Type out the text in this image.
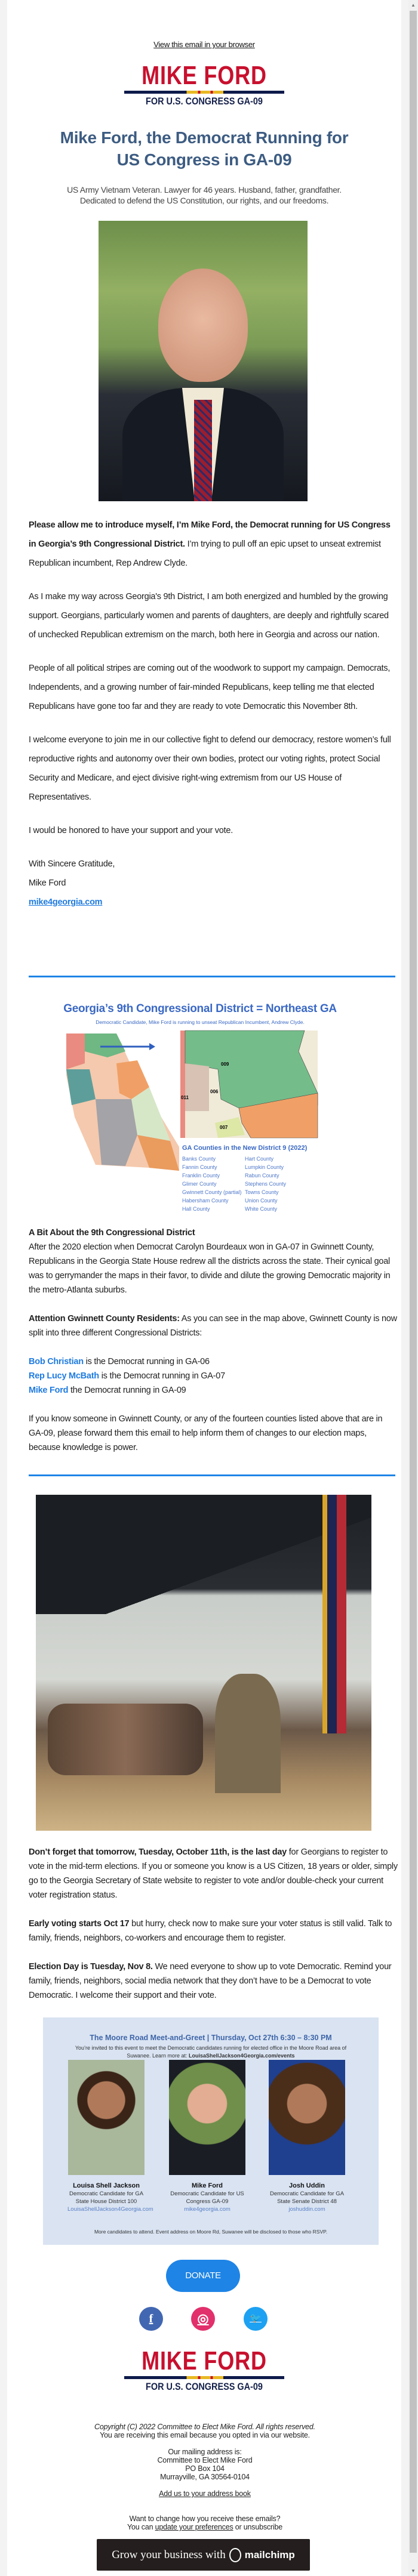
View this email in your browser
MIKE FORD
FOR U.S. CONGRESS GA-09
Mike Ford, the Democrat Running for
US Congress in GA-09
US Army Vietnam Veteran. Lawyer for 46 years. Husband, father, grandfather.
Dedicated to defend the US Constitution, our rights, and our freedoms.

Please allow me to introduce myself, I’m Mike Ford, the Democrat running for US Congress in Georgia’s 9th Congressional District. I’m trying to pull off an epic upset to unseat extremist Republican incumbent, Rep Andrew Clyde.

As I make my way across Georgia's 9th District, I am both energized and humbled by the growing support. Georgians, particularly women and parents of daughters, are deeply and rightfully scared of unchecked Republican extremism on the march, both here in Georgia and across our nation.

People of all political stripes are coming out of the woodwork to support my campaign. Democrats, Independents, and a growing number of fair-minded Republicans, keep telling me that elected Republicans have gone too far and they are ready to vote Democratic this November 8th.

I welcome everyone to join me in our collective fight to defend our democracy, restore women’s full reproductive rights and autonomy over their own bodies, protect our voting rights, protect Social Security and Medicare, and eject divisive right-wing extremism from our US House of Representatives.

I would be honored to have your support and your vote.

With Sincere Gratitude,
Mike Ford
mike4georgia.com

Georgia’s 9th Congressional District = Northeast GA
Democratic Candidate, Mike Ford is running to unseat Republican Incumbent, Andrew Clyde.
009
006
011
007
GA Counties in the New District 9 (2022)
Banks County
Fannin County
Franklin County
Glimer County
Gwinnett County (partial)
Habersham County
Hall County
Hart County
Lumpkin County
Rabun County
Stephens County
Towns County
Union County
White County

A Bit About the 9th Congressional District
After the 2020 election when Democrat Carolyn Bourdeaux won in GA-07 in Gwinnett County, Republicans in the Georgia State House redrew all the districts across the state. Their cynical goal was to gerrymander the maps in their favor, to divide and dilute the growing Democratic majority in the metro-Atlanta suburbs.

Attention Gwinnett County Residents: As you can see in the map above, Gwinnett County is now split into three different Congressional Districts:

Bob Christian is the Democrat running in GA-06
Rep Lucy McBath is the Democrat running in GA-07
Mike Ford the Democrat running in GA-09

If you know someone in Gwinnett County, or any of the fourteen counties listed above that are in GA-09, please forward them this email to help inform them of changes to our election maps, because knowledge is power.

Don’t forget that tomorrow, Tuesday, October 11th, is the last day for Georgians to register to vote in the mid-term elections. If you or someone you know is a US Citizen, 18 years or older, simply go to the Georgia Secretary of State website to register to vote and/or double-check your current voter registration status.

Early voting starts Oct 17 but hurry, check now to make sure your voter status is still valid. Talk to family, friends, neighbors, co-workers and encourage them to register.

Election Day is Tuesday, Nov 8. We need everyone to show up to vote Democratic. Remind your family, friends, neighbors, social media network that they don’t have to be a Democrat to vote Democratic. I welcome their support and their vote.

The Moore Road Meet-and-Greet | Thursday, Oct 27th 6:30 – 8:30 PM
You’re invited to this event to meet the Democratic candidates running for elected office in the Moore Road area of Suwanee. Learn more at: LouisaShellJackson4Georgia.com/events
Louisa Shell Jackson
Democratic Candidate for GA State House District 100
LouisaShellJackson4Georgia.com
Mike Ford
Democratic Candidate for US Congress GA-09
mike4georgia.com
Josh Uddin
Democratic Candidate for GA State Senate District 48
joshuddin.com
More candidates to attend. Event address on Moore Rd, Suwanee will be disclosed to those who RSVP.
DONATE
f	◎	🐦
MIKE FORD
FOR U.S. CONGRESS GA-09
Copyright (C) 2022 Committee to Elect Mike Ford. All rights reserved.
You are receiving this email because you opted in via our website.
Our mailing address is:
Committee to Elect Mike Ford
PO Box 104
Murrayville, GA 30564-0104
Add us to your address book
Want to change how you receive these emails?
You can update your preferences or unsubscribe
Grow your business with mailchimp
▲
▼
